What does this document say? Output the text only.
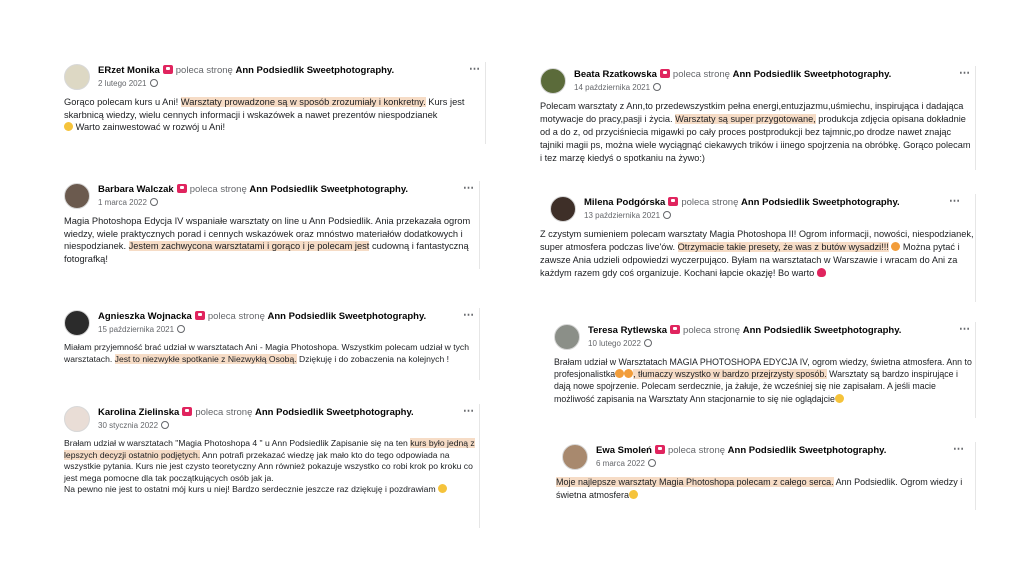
ERzet Monika poleca stronę Ann Podsiedlik Sweetphotography.
2 lutego 2021
⋯
Gorąco polecam kurs u Ani! Warsztaty prowadzone są w sposób zrozumiały i konkretny. Kurs jest skarbnicą wiedzy, wielu cennych informacji i wskazówek a nawet prezentów niespodzianek
Warto zainwestować w rozwój u Ani!
Barbara Walczak poleca stronę Ann Podsiedlik Sweetphotography.
1 marca 2022
⋯
Magia Photoshopa Edycja IV wspaniałe warsztaty on line u Ann Podsiedlik. Ania przekazała ogrom wiedzy, wiele praktycznych porad i cennych wskazówek oraz mnóstwo materiałów dodatkowych i niespodzianek. Jestem zachwycona warsztatami i gorąco i je polecam jest cudowną i fantastyczną fotografką!
Agnieszka Wojnacka poleca stronę Ann Podsiedlik Sweetphotography.
15 października 2021
⋯
Miałam przyjemność brać udział w warsztatach Ani - Magia Photoshopa. Wszystkim polecam udział w tych warsztatach. Jest to niezwykłe spotkanie z Niezwykłą Osobą. Dziękuję i do zobaczenia na kolejnych !
Karolina Zielinska poleca stronę Ann Podsiedlik Sweetphotography.
30 stycznia 2022
⋯
Brałam udział w warsztatach "Magia Photoshopa 4 " u Ann Podsiedlik Zapisanie się na ten kurs było jedną z lepszych decyzji ostatnio podjętych. Ann potrafi przekazać wiedzę jak mało kto do tego odpowiada na wszystkie pytania. Kurs nie jest czysto teoretyczny Ann również pokazuje wszystko co robi krok po kroku co jest mega pomocne dla tak początkujących osób jak ja.
Na pewno nie jest to ostatni mój kurs u niej! Bardzo serdecznie jeszcze raz dziękuję i pozdrawiam
Beata Rzatkowska poleca stronę Ann Podsiedlik Sweetphotography.
14 października 2021
⋯
Polecam warsztaty z Ann,to przedewszystkim pełna energi,entuzjazmu,uśmiechu, inspirująca i dadająca motywacje do pracy,pasji i życia. Warsztaty są super przygotowane, produkcja zdjęcia opisana dokładnie od a do z, od przyciśniecia migawki po cały proces postprodukcji bez tajmnic,po drodze nawet znając tajniki magii ps, można wiele wyciągnąć ciekawych trików i iinego spojrzenia na obróbkę. Gorąco polecam i tez marzę kiedyś o spotkaniu na żywo:)
Milena Podgórska poleca stronę Ann Podsiedlik Sweetphotography.
13 października 2021
⋯
Z czystym sumieniem polecam warsztaty Magia Photoshopa II! Ogrom informacji, nowości, niespodzianek, super atmosfera podczas live'ów. Otrzymacie takie presety, że was z butów wysadzi!!!  Można pytać i zawsze Ania udzieli odpowiedzi wyczerpująco. Byłam na warsztatach w Warszawie i wracam do Ani za każdym razem gdy coś organizuje. Kochani łapcie okazję! Bo warto
Teresa Rytlewska poleca stronę Ann Podsiedlik Sweetphotography.
10 lutego 2022
⋯
Brałam udział w Warsztatach MAGIA PHOTOSHOPA EDYCJA IV, ogrom wiedzy, świetna atmosfera. Ann to profesjonalistka , tłumaczy wszystko w bardzo przejrzysty sposób. Warsztaty są bardzo inspirujące i dają nowe spojrzenie. Polecam serdecznie, ja żałuje, że wcześniej się nie zapisałam. A jeśli macie możliwość zapisania na Warsztaty Ann stacjonarnie to się nie oglądajcie
Ewa Smoleń poleca stronę Ann Podsiedlik Sweetphotography.
6 marca 2022
⋯
Moje najlepsze warsztaty Magia Photoshopa polecam z całego serca. Ann Podsiedlik. Ogrom wiedzy i świetna atmosfera
